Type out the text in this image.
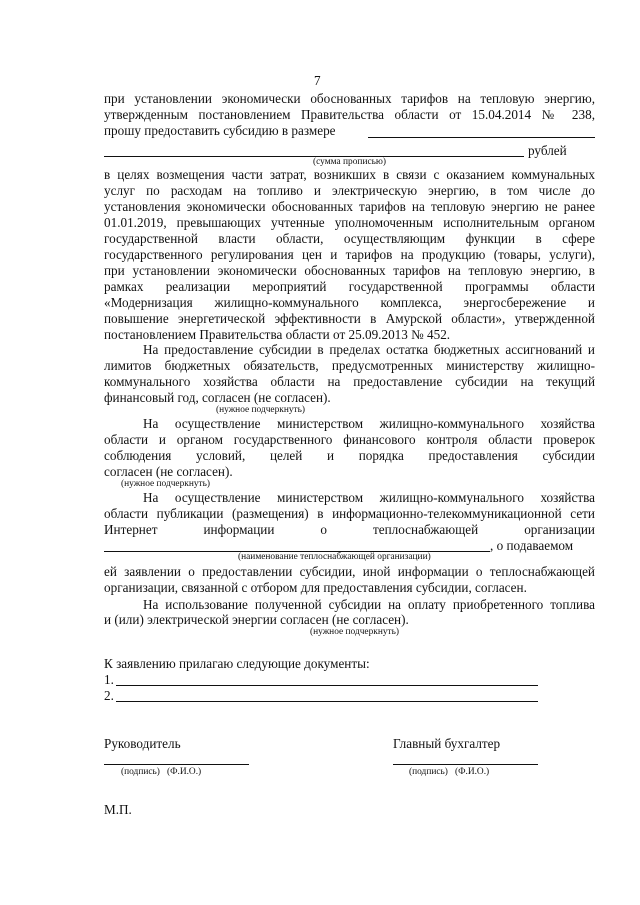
7
при установлении экономически обоснованных тарифов на тепловую энергию,
утвержденным постановлением Правительства области от 15.04.2014 № 238,
прошу предоставить субсидию в размере
рублей
(сумма прописью)
в целях возмещения части затрат, возникших в связи с оказанием коммунальных
услуг по расходам на топливо и электрическую энергию, в том числе до
установления экономически обоснованных тарифов на тепловую энергию не ранее
01.01.2019, превышающих учтенные уполномоченным исполнительным органом
государственной власти области, осуществляющим функции в сфере
государственного регулирования цен и тарифов на продукцию (товары, услуги),
при установлении экономически обоснованных тарифов на тепловую энергию, в
рамках реализации мероприятий государственной программы области
«Модернизация жилищно-коммунального комплекса, энергосбережение и
повышение энергетической эффективности в Амурской области», утвержденной
постановлением Правительства области от 25.09.2013 № 452.
На предоставление субсидии в пределах остатка бюджетных ассигнований и
лимитов бюджетных обязательств, предусмотренных министерству жилищно-
коммунального хозяйства области на предоставление субсидии на текущий
финансовый год, согласен (не согласен).
(нужное подчеркнуть)
На осуществление министерством жилищно-коммунального хозяйства
области и органом государственного финансового контроля области проверок
соблюдения условий, целей и порядка предоставления субсидии
согласен (не согласен).
(нужное подчеркнуть)
На осуществление министерством жилищно-коммунального хозяйства
области публикации (размещения) в информационно-телекоммуникационной сети
Интернет информации о теплоснабжающей организации
, о подаваемом
(наименование теплоснабжающей организации)
ей заявлении о предоставлении субсидии, иной информации о теплоснабжающей
организации, связанной с отбором для предоставления субсидии, согласен.
На использование полученной субсидии на оплату приобретенного топлива
и (или) электрической энергии согласен (не согласен).
(нужное подчеркнуть)
К заявлению прилагаю следующие документы:
1.
2.
Руководитель	Главный бухгалтер
(подпись)   (Ф.И.О.)	(подпись)   (Ф.И.О.)
М.П.
